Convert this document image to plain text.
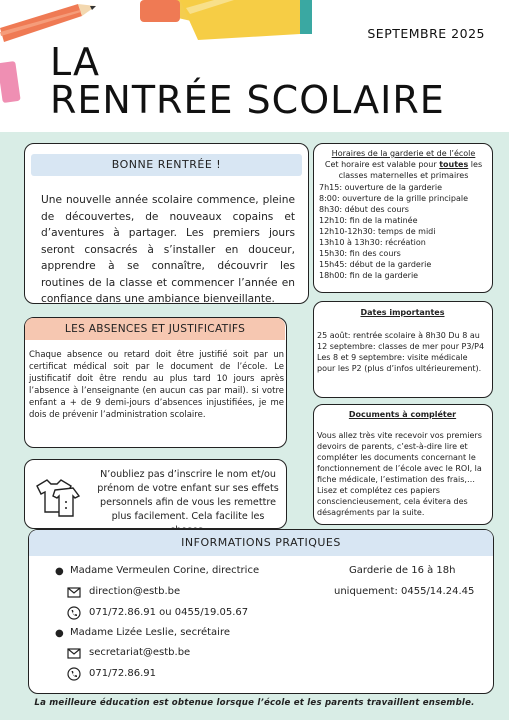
SEPTEMBRE 2025
LA
RENTRÉE SCOLAIRE
BONNE RENTRÉE !
Une nouvelle année scolaire commence, pleine de découvertes, de nouveaux copains et d’aventures à partager. Les premiers jours seront consacrés à s’installer en douceur, apprendre à se connaître, découvrir les routines de la classe et commencer l’année en confiance dans une ambiance bienveillante.
Horaires de la garderie et de l’école
Cet horaire est valable pour toutes les classes maternelles et primaires
7h15: ouverture de la garderie
8:00: ouverture de la grille principale
8h30: début des cours
12h10: fin de la matinée
12h10-12h30: temps de midi
13h10 à 13h30: récréation
15h30: fin des cours
15h45: début de la garderie
18h00: fin de la garderie
LES ABSENCES ET JUSTIFICATIFS
Chaque absence ou retard doit être justifié soit par un certificat médical soit par le document de l’école. Le justificatif doit être rendu au plus tard 10 jours après l’absence à l’enseignante (en aucun cas par mail). si votre enfant a + de 9 demi-jours d’absences injustifiées, je me dois de prévenir l’administration scolaire.
Dates importantes
25 août: rentrée scolaire à 8h30 Du 8 au 12 septembre: classes de mer pour P3/P4 Les 8 et 9 septembre: visite médicale pour les P2 (plus d’infos ultérieurement).
Documents à compléter
Vous allez très vite recevoir vos premiers devoirs de parents, c’est-à-dire lire et compléter les documents concernant le fonctionnement de l’école avec le ROI, la fiche médicale, l’estimation des frais,… Lisez et complétez ces papiers consciencieusement, cela évitera des désagréments par la suite.
N’oubliez pas d’inscrire le nom et/ou prénom de votre enfant sur ses effets personnels afin de vous les remettre plus facilement. Cela facilite les
INFORMATIONS PRATIQUES
● Madame Vermeulen Corine, directrice
direction@estb.be
071/72.86.91 ou 0455/19.05.67
● Madame Lizée Leslie, secrétaire
secretariat@estb.be
071/72.86.91
Garderie de 16 à 18h
uniquement: 0455/14.24.45
La meilleure éducation est obtenue lorsque l’école et les parents travaillent ensemble.
